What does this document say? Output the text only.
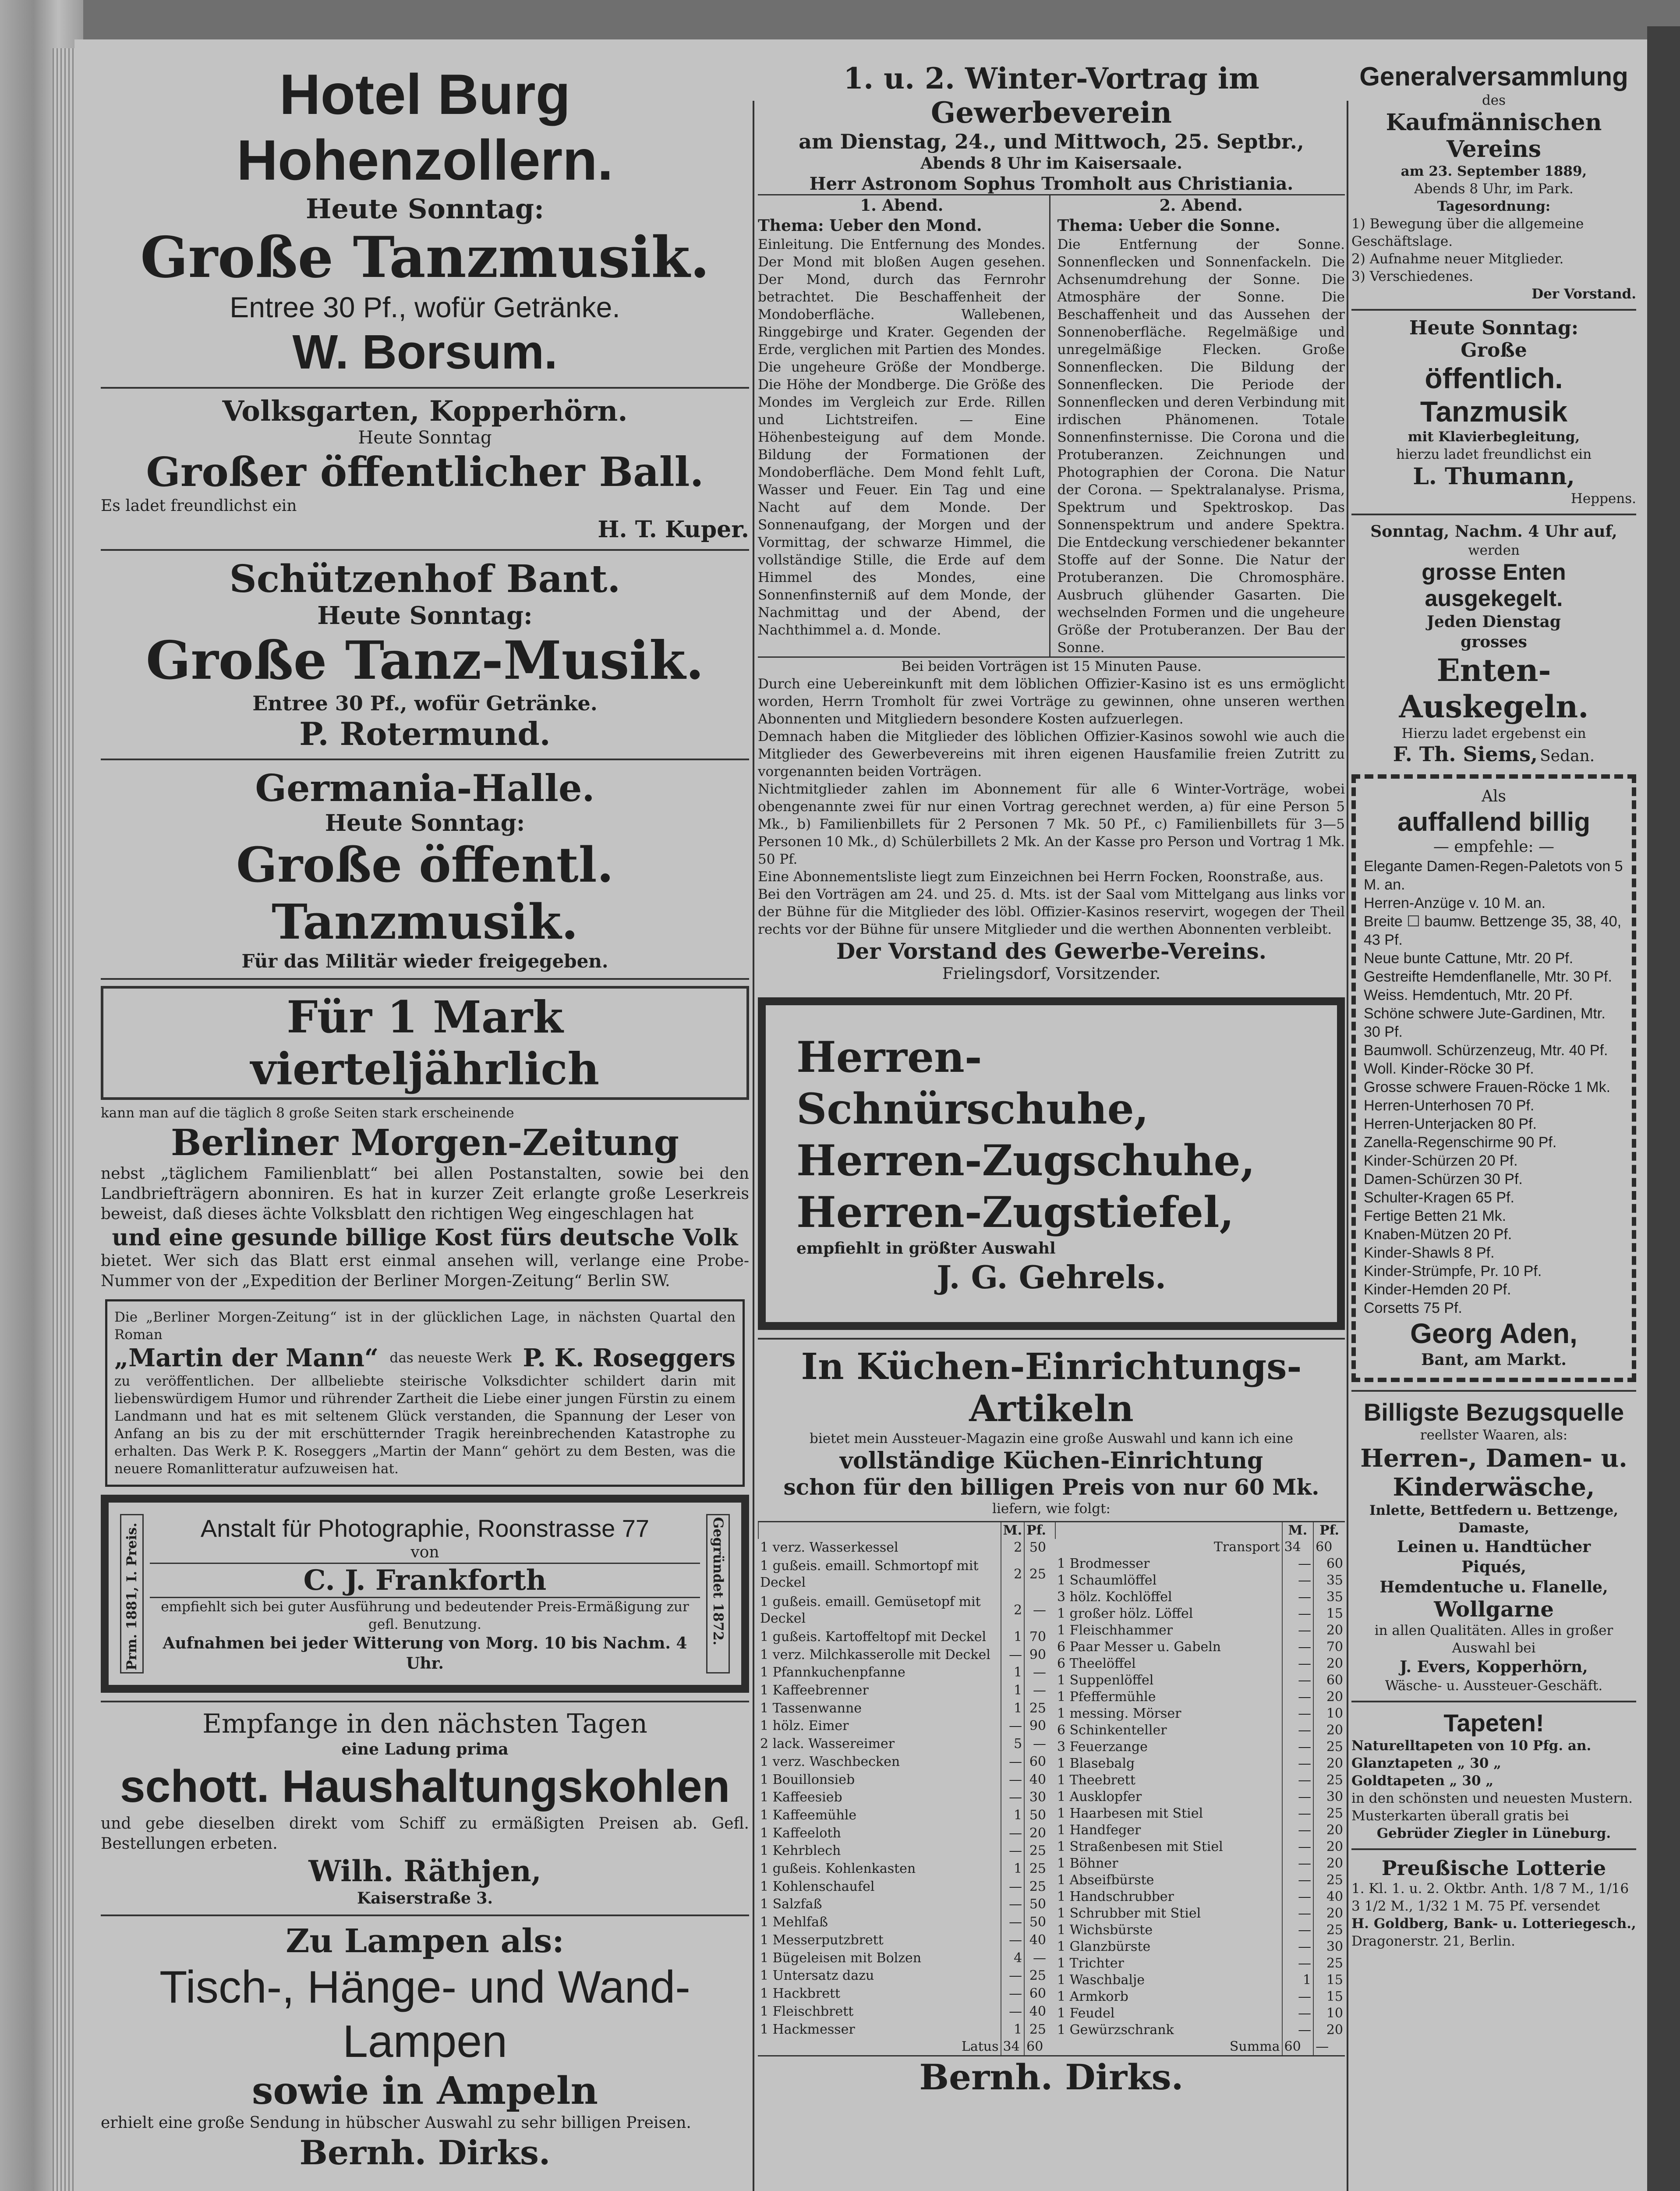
Hotel Burg Hohenzollern.
Heute Sonntag:
Große Tanzmusik.
Entree 30 Pf., wofür Getränke.
W. Borsum.
Volksgarten, Kopperhörn.
Heute Sonntag
Großer öffentlicher Ball.
Es ladet freundlichst ein
H. T. Kuper.
Schützenhof Bant.
Heute Sonntag:
Große Tanz-Musik.
Entree 30 Pf., wofür Getränke.
P. Rotermund.
Germania-Halle.
Heute Sonntag:
Große öffentl. Tanzmusik.
Für das Militär wieder freigegeben.
Für 1 Mark vierteljährlich
kann man auf die täglich 8 große Seiten stark erscheinende
Berliner Morgen-Zeitung
nebst „täglichem Familienblatt“ bei allen Postanstalten, sowie bei den Landbriefträgern abonniren. Es hat in kurzer Zeit erlangte große Leserkreis beweist, daß dieses ächte Volksblatt den richtigen Weg eingeschlagen hat
und eine gesunde billige Kost fürs deutsche Volk
bietet. Wer sich das Blatt erst einmal ansehen will, verlange eine Probe-Nummer von der „Expedition der Berliner Morgen-Zeitung“ Berlin SW.
Die „Berliner Morgen-Zeitung“ ist in der glücklichen Lage, in nächsten Quartal den Roman
„Martin der Mann“ das neueste Werk P. K. Roseggers
zu veröffentlichen. Der allbeliebte steirische Volksdichter schildert darin mit liebenswürdigem Humor und rührender Zartheit die Liebe einer jungen Fürstin zu einem Landmann und hat es mit seltenem Glück verstanden, die Spannung der Leser von Anfang an bis zu der mit erschütternder Tragik hereinbrechenden Katastrophe zu erhalten. Das Werk P. K. Roseggers „Martin der Mann“ gehört zu dem Besten, was die neuere Romanlitteratur aufzuweisen hat.
Prm. 1881, I. Preis.	Anstalt für Photographie, Roonstrasse 77
von
C. J. Frankforth
empfiehlt sich bei guter Ausführung und bedeutender Preis-Ermäßigung zur gefl. Benutzung.
Aufnahmen bei jeder Witterung von Morg. 10 bis Nachm. 4 Uhr.
Gegründet 1872.
Empfange in den nächsten Tagen
eine Ladung prima
schott. Haushaltungskohlen
und gebe dieselben direkt vom Schiff zu ermäßigten Preisen ab. Gefl. Bestellungen erbeten.
Wilh. Räthjen,
Kaiserstraße 3.
Zu Lampen als:
Tisch-, Hänge- und Wand-Lampen
sowie in Ampeln
erhielt eine große Sendung in hübscher Auswahl zu sehr billigen Preisen.
Bernh. Dirks.
1. u. 2. Winter-Vortrag im Gewerbeverein
am Dienstag, 24., und Mittwoch, 25. Septbr.,
Abends 8 Uhr im Kaisersaale.
Herr Astronom Sophus Tromholt aus Christiania.
1. Abend.
Thema: Ueber den Mond.
Einleitung. Die Entfernung des Mondes. Der Mond mit bloßen Augen gesehen. Der Mond, durch das Fernrohr betrachtet. Die Beschaffenheit der Mondoberfläche. Wallebenen, Ringgebirge und Krater. Gegenden der Erde, verglichen mit Partien des Mondes. Die ungeheure Größe der Mondberge. Die Höhe der Mondberge. Die Größe des Mondes im Vergleich zur Erde. Rillen und Lichtstreifen. — Eine Höhenbesteigung auf dem Monde. Bildung der Formationen der Mondoberfläche. Dem Mond fehlt Luft, Wasser und Feuer. Ein Tag und eine Nacht auf dem Monde. Der Sonnenaufgang, der Morgen und der Vormittag, der schwarze Himmel, die vollständige Stille, die Erde auf dem Himmel des Mondes, eine Sonnenfinsterniß auf dem Monde, der Nachmittag und der Abend, der Nachthimmel a. d. Monde.
2. Abend.
Thema: Ueber die Sonne.
Die Entfernung der Sonne. Sonnenflecken und Sonnenfackeln. Die Achsenumdrehung der Sonne. Die Atmosphäre der Sonne. Die Beschaffenheit und das Aussehen der Sonnenoberfläche. Regelmäßige und unregelmäßige Flecken. Große Sonnenflecken. Die Bildung der Sonnenflecken. Die Periode der Sonnenflecken und deren Verbindung mit irdischen Phänomenen. Totale Sonnenfinsternisse. Die Corona und die Protuberanzen. Zeichnungen und Photographien der Corona. Die Natur der Corona. — Spektralanalyse. Prisma, Spektrum und Spektroskop. Das Sonnenspektrum und andere Spektra. Die Entdeckung verschiedener bekannter Stoffe auf der Sonne. Die Natur der Protuberanzen. Die Chromosphäre. Ausbruch glühender Gasarten. Die wechselnden Formen und die ungeheure Größe der Protuberanzen. Der Bau der Sonne.
Bei beiden Vorträgen ist 15 Minuten Pause.
Durch eine Uebereinkunft mit dem löblichen Offizier-Kasino ist es uns ermöglicht worden, Herrn Tromholt für zwei Vorträge zu gewinnen, ohne unseren werthen Abonnenten und Mitgliedern besondere Kosten aufzuerlegen.
Demnach haben die Mitglieder des löblichen Offizier-Kasinos sowohl wie auch die Mitglieder des Gewerbevereins mit ihren eigenen Hausfamilie freien Zutritt zu vorgenannten beiden Vorträgen.
Nichtmitglieder zahlen im Abonnement für alle 6 Winter-Vorträge, wobei obengenannte zwei für nur einen Vortrag gerechnet werden, a) für eine Person 5 Mk., b) Familienbillets für 2 Personen 7 Mk. 50 Pf., c) Familienbillets für 3—5 Personen 10 Mk., d) Schülerbillets 2 Mk. An der Kasse pro Person und Vortrag 1 Mk. 50 Pf.
Eine Abonnementsliste liegt zum Einzeichnen bei Herrn Focken, Roonstraße, aus.
Bei den Vorträgen am 24. und 25. d. Mts. ist der Saal vom Mittelgang aus links vor der Bühne für die Mitglieder des löbl. Offizier-Kasinos reservirt, wogegen der Theil rechts vor der Bühne für unsere Mitglieder und die werthen Abonnenten verbleibt.
Der Vorstand des Gewerbe-Vereins.
Frielingsdorf, Vorsitzender.
Herren-Schnürschuhe,
Herren-Zugschuhe,
Herren-Zugstiefel,
empfiehlt in größter Auswahl
J. G. Gehrels.
In Küchen-Einrichtungs-Artikeln
bietet mein Aussteuer-Magazin eine große Auswahl und kann ich eine
vollständige Küchen-Einrichtung
schon für den billigen Preis von nur 60 Mk.
liefern, wie folgt:
	M.	Pf.
1 verz. Wasserkessel	2	50
1 gußeis. emaill. Schmortopf mit Deckel	2	25
1 gußeis. emaill. Gemüsetopf mit Deckel	2	—
1 gußeis. Kartoffeltopf mit Deckel	1	70
1 verz. Milchkasserolle mit Deckel	—	90
1 Pfannkuchenpfanne	1	—
1 Kaffeebrenner	1	—
1 Tassenwanne	1	25
1 hölz. Eimer	—	90
2 lack. Wassereimer	5	—
1 verz. Waschbecken	—	60
1 Bouillonsieb	—	40
1 Kaffeesieb	—	30
1 Kaffeemühle	1	50
1 Kaffeeloth	—	20
1 Kehrblech	—	25
1 gußeis. Kohlenkasten	1	25
1 Kohlenschaufel	—	25
1 Salzfaß	—	50
1 Mehlfaß	—	50
1 Messerputzbrett	—	40
1 Bügeleisen mit Bolzen	4	—
1 Untersatz dazu	—	25
1 Hackbrett	—	60
1 Fleischbrett	—	40
1 Hackmesser	1	25
Latus	34	60
	M.	Pf.
Transport	34	60
1 Brodmesser	—	60
1 Schaumlöffel	—	35
3 hölz. Kochlöffel	—	35
1 großer hölz. Löffel	—	15
1 Fleischhammer	—	20
6 Paar Messer u. Gabeln	—	70
6 Theelöffel	—	20
1 Suppenlöffel	—	60
1 Pfeffermühle	—	20
1 messing. Mörser	—	10
6 Schinkenteller	—	20
3 Feuerzange	—	25
1 Blasebalg	—	20
1 Theebrett	—	25
1 Ausklopfer	—	30
1 Haarbesen mit Stiel	—	25
1 Handfeger	—	20
1 Straßenbesen mit Stiel	—	20
1 Böhner	—	20
1 Abseifbürste	—	25
1 Handschrubber	—	40
1 Schrubber mit Stiel	—	20
1 Wichsbürste	—	25
1 Glanzbürste	—	30
1 Trichter	—	25
1 Waschbalje	1	15
1 Armkorb	—	15
1 Feudel	—	10
1 Gewürzschrank	—	20
Summa	60	—
Bernh. Dirks.
Generalversammlung
des
Kaufmännischen Vereins
am 23. September 1889,
Abends 8 Uhr, im Park.
Tagesordnung:
1) Bewegung über die allgemeine Geschäftslage.
2) Aufnahme neuer Mitglieder.
3) Verschiedenes.
Der Vorstand.
Heute Sonntag:
Große
öffentlich. Tanzmusik
mit Klavierbegleitung,
hierzu ladet freundlichst ein
L. Thumann,
Heppens.
Sonntag, Nachm. 4 Uhr auf,
werden
grosse Enten ausgekegelt.
Jeden Dienstag
grosses
Enten-Auskegeln.
Hierzu ladet ergebenst ein
F. Th. Siems, Sedan.
Als
auffallend billig
— empfehle: —
Elegante Damen-Regen-Paletots von 5 M. an.
Herren-Anzüge v. 10 M. an.
Breite ☐ baumw. Bettzenge 35, 38, 40, 43 Pf.
Neue bunte Cattune, Mtr. 20 Pf.
Gestreifte Hemdenflanelle, Mtr. 30 Pf.
Weiss. Hemdentuch, Mtr. 20 Pf.
Schöne schwere Jute-Gardinen, Mtr. 30 Pf.
Baumwoll. Schürzenzeug, Mtr. 40 Pf.
Woll. Kinder-Röcke 30 Pf.
Grosse schwere Frauen-Röcke 1 Mk.
Herren-Unterhosen 70 Pf.
Herren-Unterjacken 80 Pf.
Zanella-Regenschirme 90 Pf.
Kinder-Schürzen 20 Pf.
Damen-Schürzen 30 Pf.
Schulter-Kragen 65 Pf.
Fertige Betten 21 Mk.
Knaben-Mützen 20 Pf.
Kinder-Shawls 8 Pf.
Kinder-Strümpfe, Pr. 10 Pf.
Kinder-Hemden 20 Pf.
Corsetts 75 Pf.
Georg Aden,
Bant, am Markt.
Billigste Bezugsquelle
reellster Waaren, als:
Herren-, Damen- u. Kinderwäsche,
Inlette, Bettfedern u. Bettzenge, Damaste,
Leinen u. Handtücher
Piqués,
Hemdentuche u. Flanelle,
Wollgarne
in allen Qualitäten. Alles in großer Auswahl bei
J. Evers, Kopperhörn,
Wäsche- u. Aussteuer-Geschäft.
Tapeten!
Naturelltapeten von 10 Pfg. an.
Glanztapeten „ 30 „
Goldtapeten „ 30 „
in den schönsten und neuesten Mustern. Musterkarten überall gratis bei
Gebrüder Ziegler in Lüneburg.
Preußische Lotterie
1. Kl. 1. u. 2. Oktbr. Anth. 1/8 7 M., 1/16 3 1/2 M., 1/32 1 M. 75 Pf. versendet
H. Goldberg, Bank- u. Lotteriegesch.,
Dragonerstr. 21, Berlin.
